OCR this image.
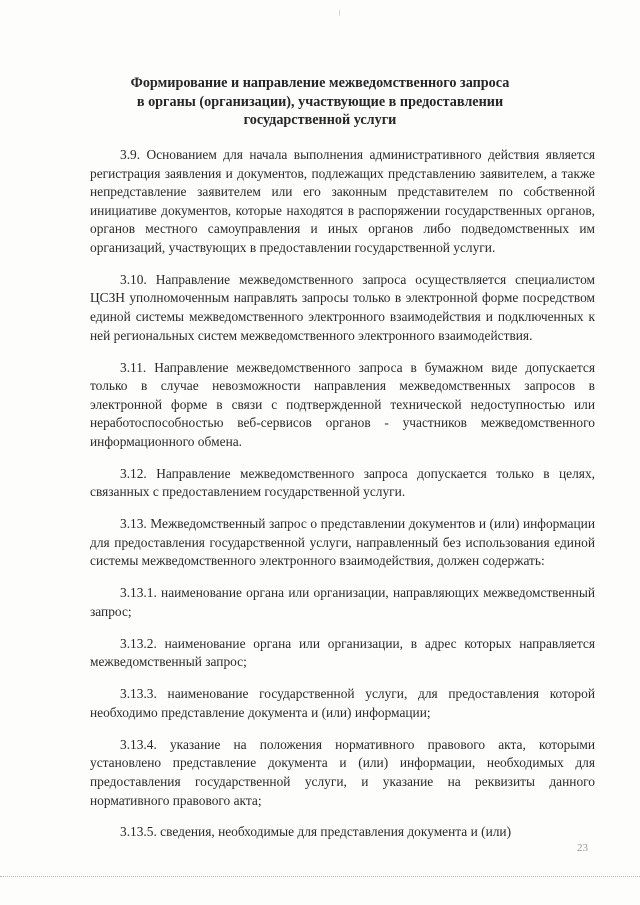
Формирование и направление межведомственного запроса
в органы (организации), участвующие в предоставлении
государственной услуги

3.9. Основанием для начала выполнения административного действия является регистрация заявления и документов, подлежащих представлению заявителем, а также непредставление заявителем или его законным представителем по собственной инициативе документов, которые находятся в распоряжении государственных органов, органов местного самоуправления и иных органов либо подведомственных им организаций, участвующих в предоставлении государственной услуги.

3.10. Направление межведомственного запроса осуществляется специалистом ЦСЗН уполномоченным направлять запросы только в электронной форме посредством единой системы межведомственного электронного взаимодействия и подключенных к ней региональных систем межведомственного электронного взаимодействия.

3.11. Направление межведомственного запроса в бумажном виде допускается только в случае невозможности направления межведомственных запросов в электронной форме в связи с подтвержденной технической недоступностью или неработоспособностью веб-сервисов органов - участников межведомственного информационного обмена.

3.12. Направление межведомственного запроса допускается только в целях, связанных с предоставлением государственной услуги.

3.13. Межведомственный запрос о представлении документов и (или) информации для предоставления государственной услуги, направленный без использования единой системы межведомственного электронного взаимодействия, должен содержать:

3.13.1. наименование органа или организации, направляющих межведомственный запрос;

3.13.2. наименование органа или организации, в адрес которых направляется межведомственный запрос;

3.13.3. наименование государственной услуги, для предоставления которой необходимо представление документа и (или) информации;

3.13.4. указание на положения нормативного правового акта, которыми установлено представление документа и (или) информации, необходимых для предоставления государственной услуги, и указание на реквизиты данного нормативного правового акта;

3.13.5. сведения, необходимые для представления документа и (или)

23
